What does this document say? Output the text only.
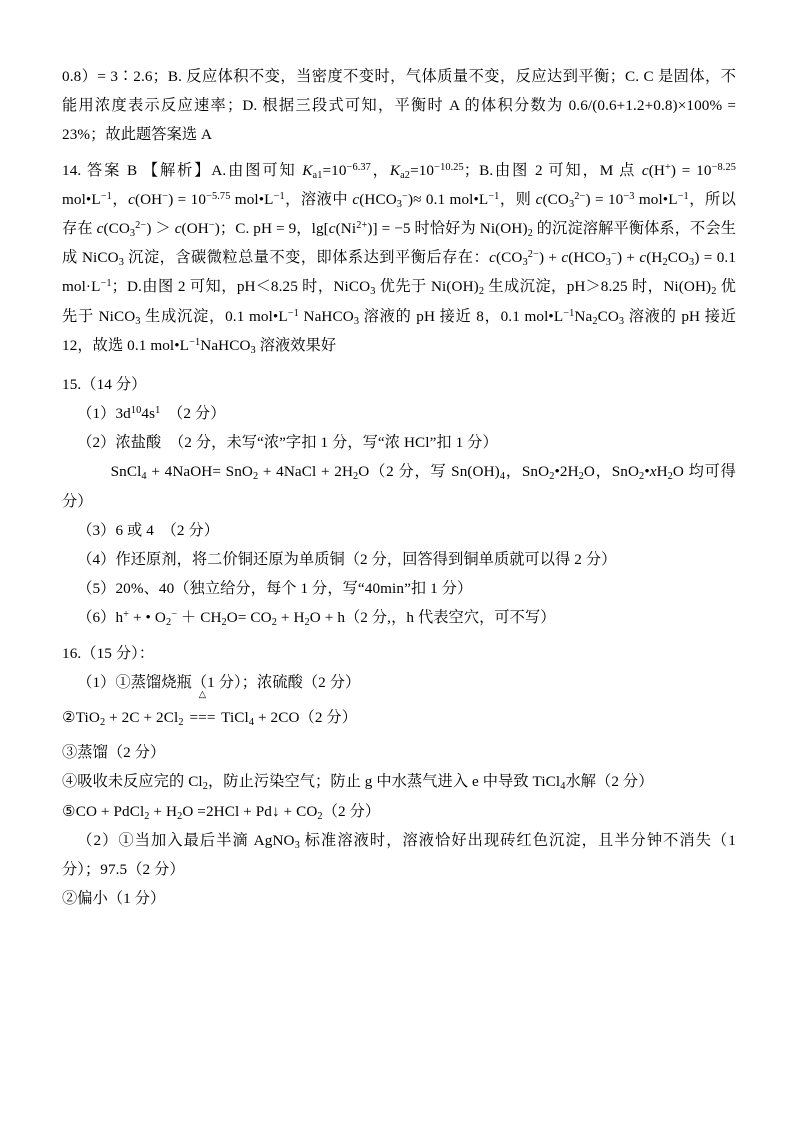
0.8）= 3∶2.6；B. 反应体积不变，当密度不变时，气体质量不变，反应达到平衡；C. C 是固体，不能用浓度表示反应速率；D. 根据三段式可知，平衡时 A 的体积分数为 0.6/(0.6+1.2+0.8)×100% = 23%；故此题答案选 A
14. 答案 B 【解析】A.由图可知 $K_{a1}=10^{-6.37}$，$K_{a2}=10^{-10.25}$；B.由图 2 可知，M 点 $c(H^+) = 10^{-8.25}$ $mol•L^{-1}$，$c(OH^-) = 10^{-5.75}$ $mol•L^{-1}$，溶液中 $c(HCO_3^-)\approx 0.1$ $mol•L^{-1}$，则 $c(CO_3^{2-}) = 10^{-3}$ $mol•L^{-1}$，所以存在 $c(CO_3^{2-}) > c(OH^-)$；C. pH = 9，$\lg[c(Ni^{2+})] = -5$ 时恰好为 $Ni(OH)_2$ 的沉淀溶解平衡体系，不会生成 NiCO$_3$ 沉淀，含碳微粒总量不变，即体系达到平衡后存在：$c(CO_3^{2-}) + c(HCO_3^-) + c(H_2CO_3) = 0.1$ $mol\cdot L^{-1}$；D.由图 2 可知，pH＜8.25 时，NiCO$_3$ 优先于 $Ni(OH)_2$ 生成沉淀，pH＞8.25 时，$Ni(OH)_2$ 优先于 NiCO$_3$ 生成沉淀，0.1 $mol•L^{-1}$ NaHCO$_3$ 溶液的 pH 接近 8，0.1 $mol•L^{-1}Na_2CO_3$ 溶液的 pH 接近 12，故选 0.1 $mol•L^{-1}NaHCO_3$ 溶液效果好
15.（14 分）
$(1)3d^{10}4s^1$　（2 分）
（2）浓盐酸　（2 分，未写“浓”字扣 1 分，写“浓 HCl”扣 1 分）
SnCl$_4$ + 4NaOH= SnO$_2$ + 4NaCl + $2H_2O(2$ 分，写 $Sn(OH)_4$，$SnO_2•2H_2O$，$SnO_2•xH_2O$ 均可得分）
（3）6 或 4　（2 分）
（4）作还原剂，将二价铜还原为单质铜（2 分，回答得到铜单质就可以得 2 分）
（5）20%、40（独立给分，每个 1 分，写“40min”扣 1 分）
（6）h+ + • $O_2^- + CH_2O= CO_2 + H_2O + h(2$ 分,，h 代表空穴，可不写）
16.（15 分）：
（1）①蒸馏烧瓶（1 分）；浓硫酸（2 分）
②TiO$_2$ + $2C + 2Cl_2$
△
=== TiCl$_4$ + 2CO（2 分）
③蒸馏（2 分）
④吸收未反应完的 $Cl_2$，防止污染空气；防止 g 中水蒸气进入 e 中导致 TiCl$_4$水解（2 分）
⑤CO + PdCl$_2$ + $H_2O =2HCl$ + Pd↓ + $CO_2(2$ 分）
（2）①当加入最后半滴 AgNO$_3$ 标准溶液时，溶液恰好出现砖红色沉淀，且半分钟不消失（1 分）；97.5（2 分）
②偏小（1 分）
